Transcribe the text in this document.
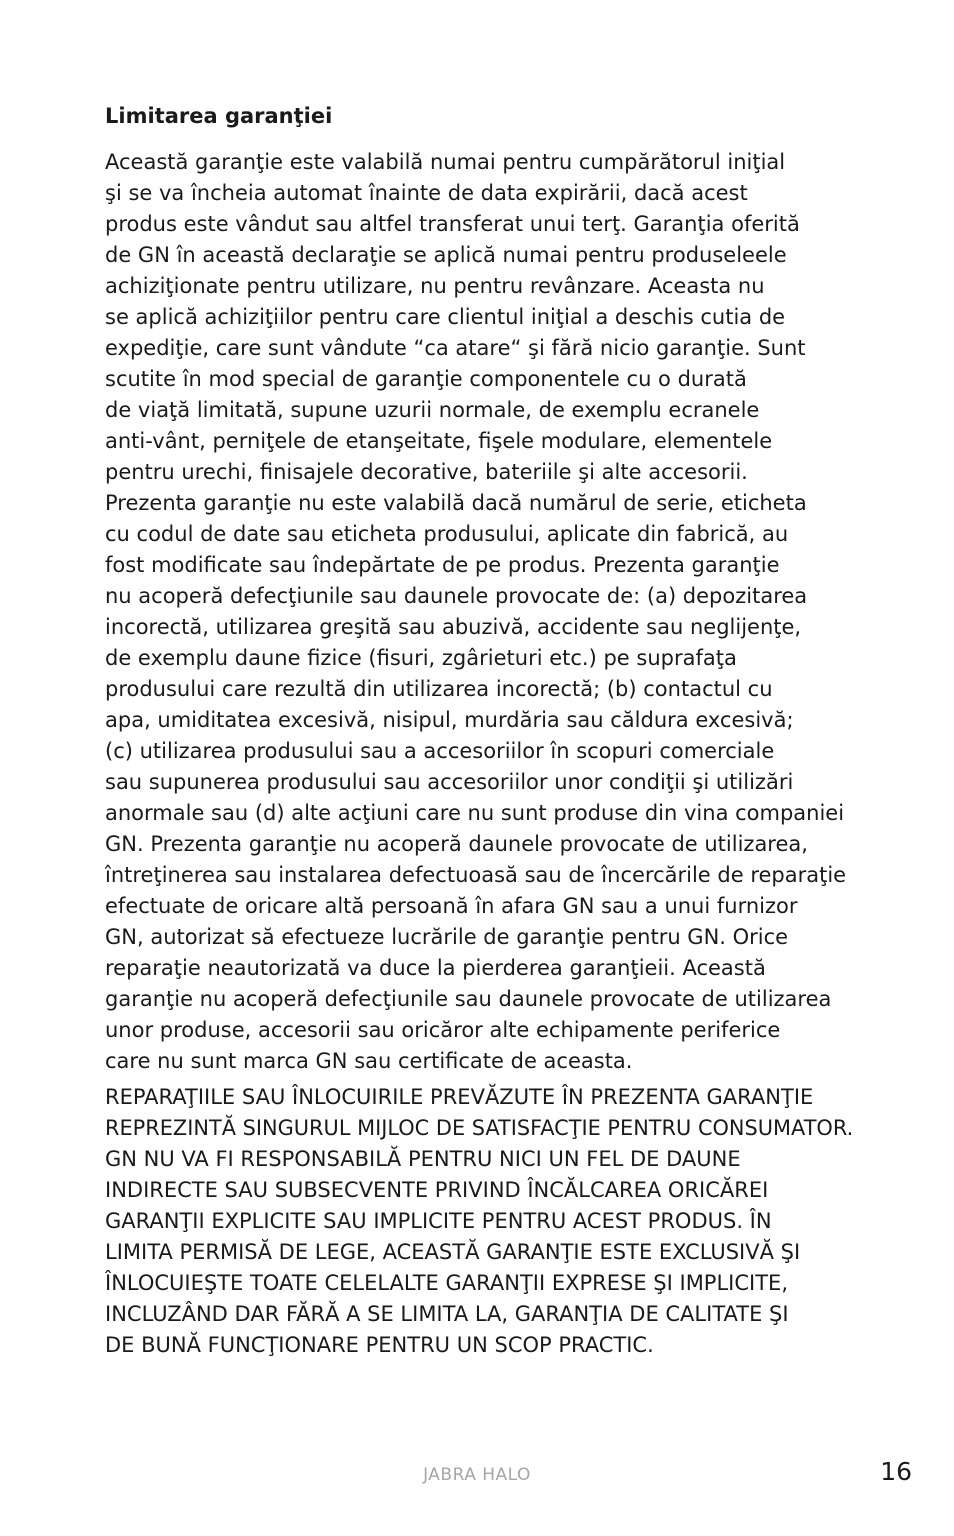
Limitarea garanţiei
Această garanţie este valabilă numai pentru cumpărătorul iniţial
şi se va încheia automat înainte de data expirării, dacă acest
produs este vândut sau altfel transferat unui terţ. Garanţia oferită
de GN în această declaraţie se aplică numai pentru produseleele
achiziţionate pentru utilizare, nu pentru revânzare. Aceasta nu
se aplică achiziţiilor pentru care clientul iniţial a deschis cutia de
expediţie, care sunt vândute “ca atare“ şi fără nicio garanţie. Sunt
scutite în mod special de garanţie componentele cu o durată
de viaţă limitată, supune uzurii normale, de exemplu ecranele
anti-vânt, perniţele de etanşeitate, fişele modulare, elementele
pentru urechi, finisajele decorative, bateriile şi alte accesorii.
Prezenta garanţie nu este valabilă dacă numărul de serie, eticheta
cu codul de date sau eticheta produsului, aplicate din fabrică, au
fost modificate sau îndepărtate de pe produs. Prezenta garanţie
nu acoperă defecţiunile sau daunele provocate de: (a) depozitarea
incorectă, utilizarea greşită sau abuzivă, accidente sau neglijenţe,
de exemplu daune fizice (fisuri, zgârieturi etc.) pe suprafaţa
produsului care rezultă din utilizarea incorectă; (b) contactul cu
apa, umiditatea excesivă, nisipul, murdăria sau căldura excesivă;
(c) utilizarea produsului sau a accesoriilor în scopuri comerciale
sau supunerea produsului sau accesoriilor unor condiţii şi utilizări
anormale sau (d) alte acţiuni care nu sunt produse din vina companiei
GN. Prezenta garanţie nu acoperă daunele provocate de utilizarea,
întreţinerea sau instalarea defectuoasă sau de încercările de reparaţie
efectuate de oricare altă persoană în afara GN sau a unui furnizor
GN, autorizat să efectueze lucrările de garanţie pentru GN. Orice
reparaţie neautorizată va duce la pierderea garanţieii. Această
garanţie nu acoperă defecţiunile sau daunele provocate de utilizarea
unor produse, accesorii sau oricăror alte echipamente periferice
care nu sunt marca GN sau certificate de aceasta.
REPARAŢIILE SAU ÎNLOCUIRILE PREVĂZUTE ÎN PREZENTA GARANŢIE
REPREZINTĂ SINGURUL MIJLOC DE SATISFACŢIE PENTRU CONSUMATOR.
GN NU VA FI RESPONSABILĂ PENTRU NICI UN FEL DE DAUNE
INDIRECTE SAU SUBSECVENTE PRIVIND ÎNCĂLCAREA ORICĂREI
GARANŢII EXPLICITE SAU IMPLICITE PENTRU ACEST PRODUS. ÎN
LIMITA PERMISĂ DE LEGE, ACEASTĂ GARANŢIE ESTE EXCLUSIVĂ ŞI
ÎNLOCUIEŞTE TOATE CELELALTE GARANŢII EXPRESE ŞI IMPLICITE,
INCLUZÂND DAR FĂRĂ A SE LIMITA LA, GARANŢIA DE CALITATE ŞI
DE BUNĂ FUNCŢIONARE PENTRU UN SCOP PRACTIC.
JABRA HALO	16
